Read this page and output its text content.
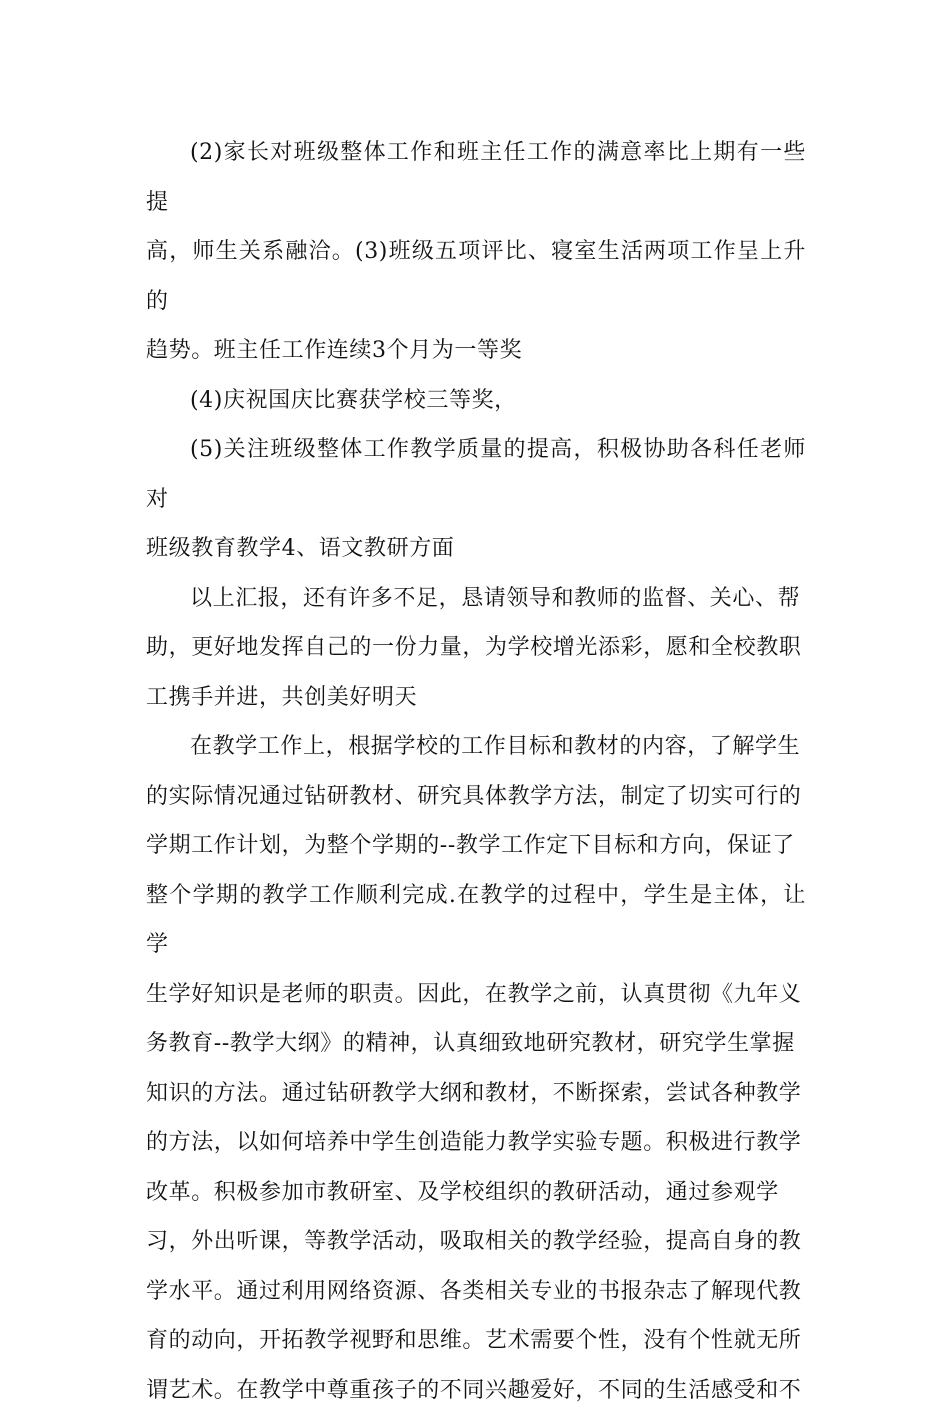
(2)家长对班级整体工作和班主任工作的满意率比上期有一些提
高，师生关系融洽。(3)班级五项评比、寝室生活两项工作呈上升的
趋势。班主任工作连续3个月为一等奖

(4)庆祝国庆比赛获学校三等奖，

(5)关注班级整体工作教学质量的提高，积极协助各科任老师对
班级教育教学4、语文教研方面

以上汇报，还有许多不足，恳请领导和教师的监督、关心、帮
助，更好地发挥自己的一份力量，为学校增光添彩，愿和全校教职
工携手并进，共创美好明天

在教学工作上，根据学校的工作目标和教材的内容，了解学生
的实际情况通过钻研教材、研究具体教学方法，制定了切实可行的
学期工作计划，为整个学期的--教学工作定下目标和方向，保证了
整个学期的教学工作顺利完成.在教学的过程中，学生是主体，让学
生学好知识是老师的职责。因此，在教学之前，认真贯彻《九年义
务教育--教学大纲》的精神，认真细致地研究教材，研究学生掌握
知识的方法。通过钻研教学大纲和教材，不断探索，尝试各种教学
的方法，以如何培养中学生创造能力教学实验专题。积极进行教学
改革。积极参加市教研室、及学校组织的教研活动，通过参观学
习，外出听课，等教学活动，吸取相关的教学经验，提高自身的教
学水平。通过利用网络资源、各类相关专业的书报杂志了解现代教
育的动向，开拓教学视野和思维。艺术需要个性，没有个性就无所
谓艺术。在教学中尊重孩子的不同兴趣爱好，不同的生活感受和不
